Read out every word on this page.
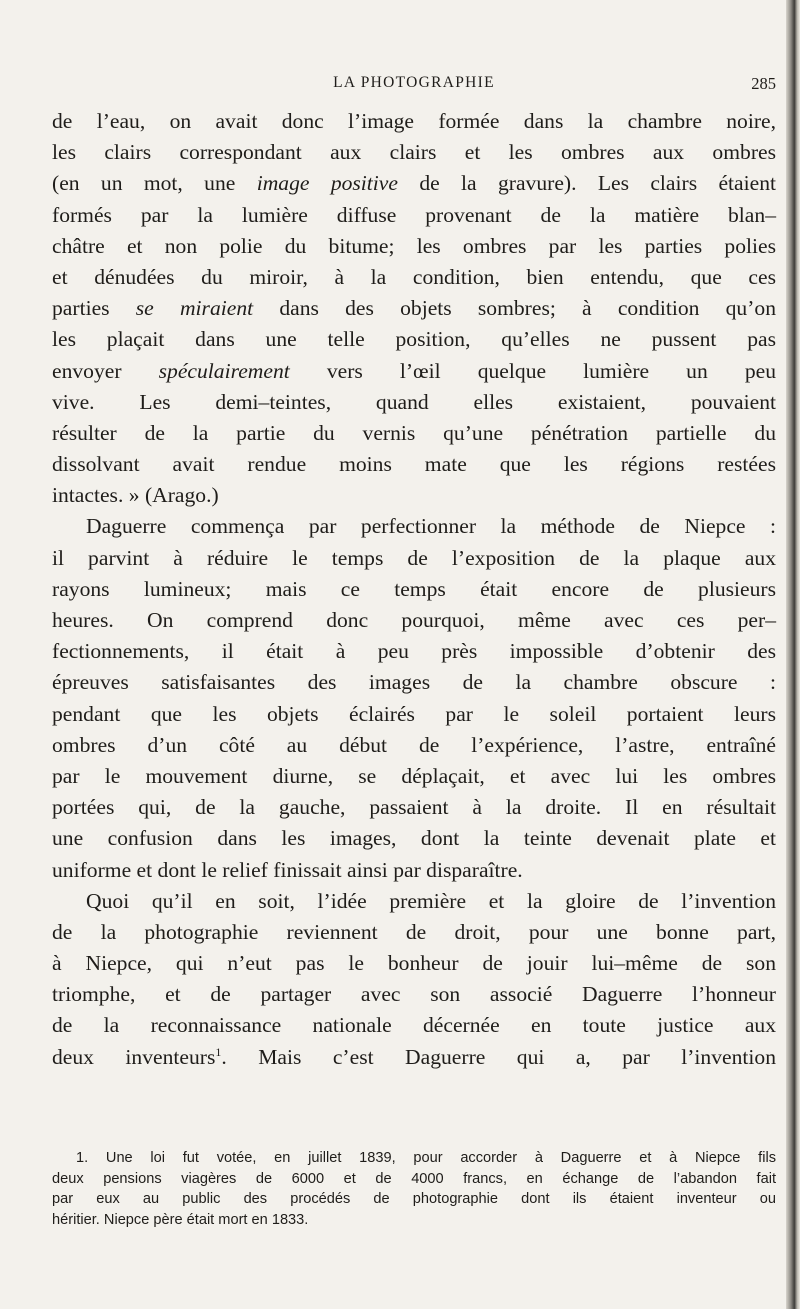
LA PHOTOGRAPHIE	285

de l’eau, on avait donc l’image formée dans la chambre noire,
les clairs correspondant aux clairs et les ombres aux ombres
(en un mot, une image positive de la gravure). Les clairs étaient
formés par la lumière diffuse provenant de la matière blan–
châtre et non polie du bitume; les ombres par les parties polies
et dénudées du miroir, à la condition, bien entendu, que ces
parties se miraient dans des objets sombres; à condition qu’on
les plaçait dans une telle position, qu’elles ne pussent pas
envoyer spéculairement vers l’œil quelque lumière un peu
vive. Les demi–teintes, quand elles existaient, pouvaient
résulter de la partie du vernis qu’une pénétration partielle du
dissolvant avait rendue moins mate que les régions restées
intactes. » (Arago.)

Daguerre commença par perfectionner la méthode de Niepce :
il parvint à réduire le temps de l’exposition de la plaque aux
rayons lumineux; mais ce temps était encore de plusieurs
heures. On comprend donc pourquoi, même avec ces per–
fectionnements, il était à peu près impossible d’obtenir des
épreuves satisfaisantes des images de la chambre obscure :
pendant que les objets éclairés par le soleil portaient leurs
ombres d’un côté au début de l’expérience, l’astre, entraîné
par le mouvement diurne, se déplaçait, et avec lui les ombres
portées qui, de la gauche, passaient à la droite. Il en résultait
une confusion dans les images, dont la teinte devenait plate et
uniforme et dont le relief finissait ainsi par disparaître.

Quoi qu’il en soit, l’idée première et la gloire de l’invention
de la photographie reviennent de droit, pour une bonne part,
à Niepce, qui n’eut pas le bonheur de jouir lui–même de son
triomphe, et de partager avec son associé Daguerre l’honneur
de la reconnaissance nationale décernée en toute justice aux
deux inventeurs$^1$. Mais c’est Daguerre qui a, par l’invention

1. Une loi fut votée, en juillet 1839, pour accorder à Daguerre et à Niepce fils
deux pensions viagères de 6000 et de 4000 francs, en échange de l’abandon fait
par eux au public des procédés de photographie dont ils étaient inventeur ou
héritier. Niepce père était mort en 1833.
